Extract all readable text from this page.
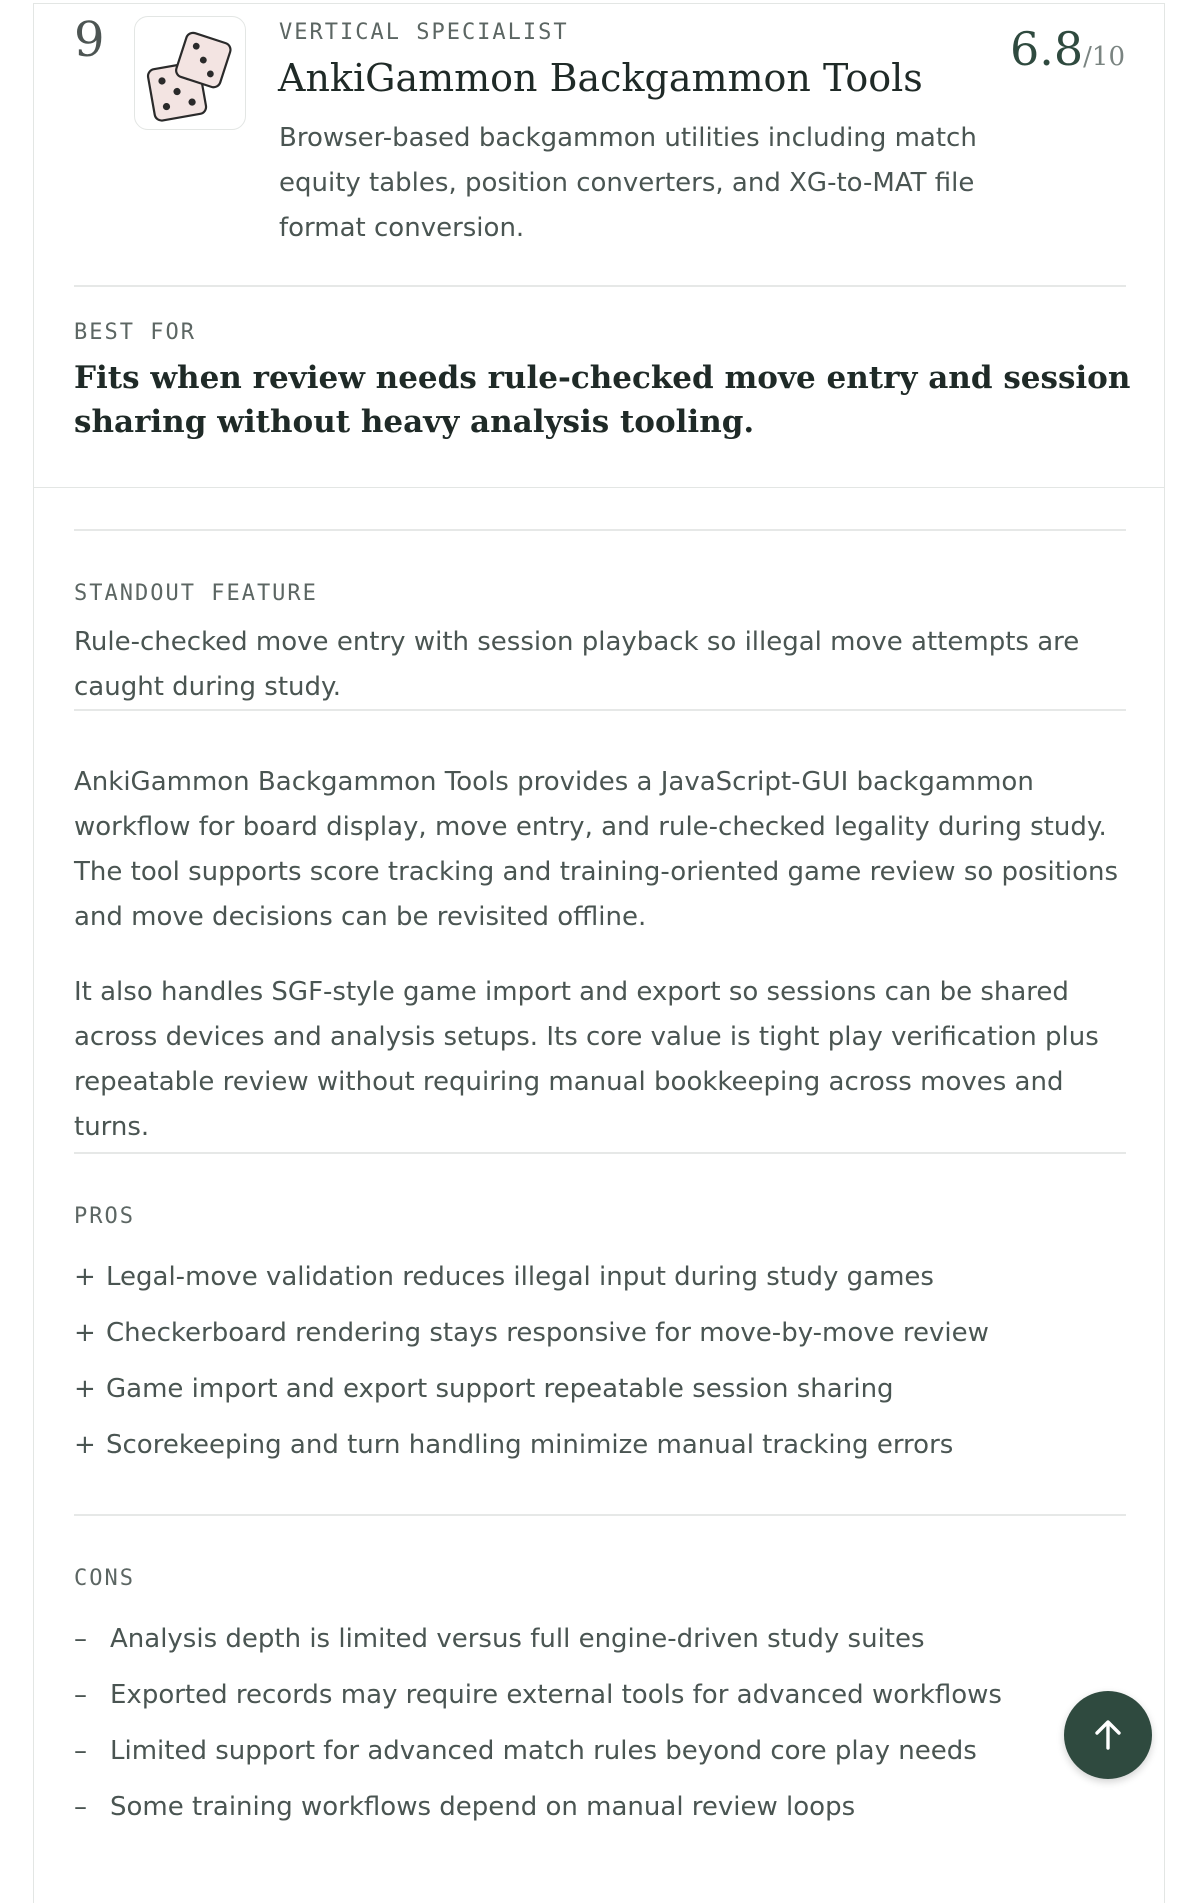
9	VERTICAL SPECIALIST
AnkiGammon Backgammon Tools
6.8/10

Browser-based backgammon utilities including match equity tables, position converters, and XG-to-MAT file format conversion.

BEST FOR

Fits when review needs rule-checked move entry and session sharing without heavy analysis tooling.

STANDOUT FEATURE

Rule-checked move entry with session playback so illegal move attempts are caught during study.

AnkiGammon Backgammon Tools provides a JavaScript-GUI backgammon workflow for board display, move entry, and rule-checked legality during study. The tool supports score tracking and training-oriented game review so positions and move decisions can be revisited offline.

It also handles SGF-style game import and export so sessions can be shared across devices and analysis setups. Its core value is tight play verification plus repeatable review without requiring manual bookkeeping across moves and turns.

PROS
+ Legal-move validation reduces illegal input during study games
+ Checkerboard rendering stays responsive for move-by-move review
+ Game import and export support repeatable session sharing
+ Scorekeeping and turn handling minimize manual tracking errors
CONS
– Analysis depth is limited versus full engine-driven study suites
– Exported records may require external tools for advanced workflows
– Limited support for advanced match rules beyond core play needs
– Some training workflows depend on manual review loops
